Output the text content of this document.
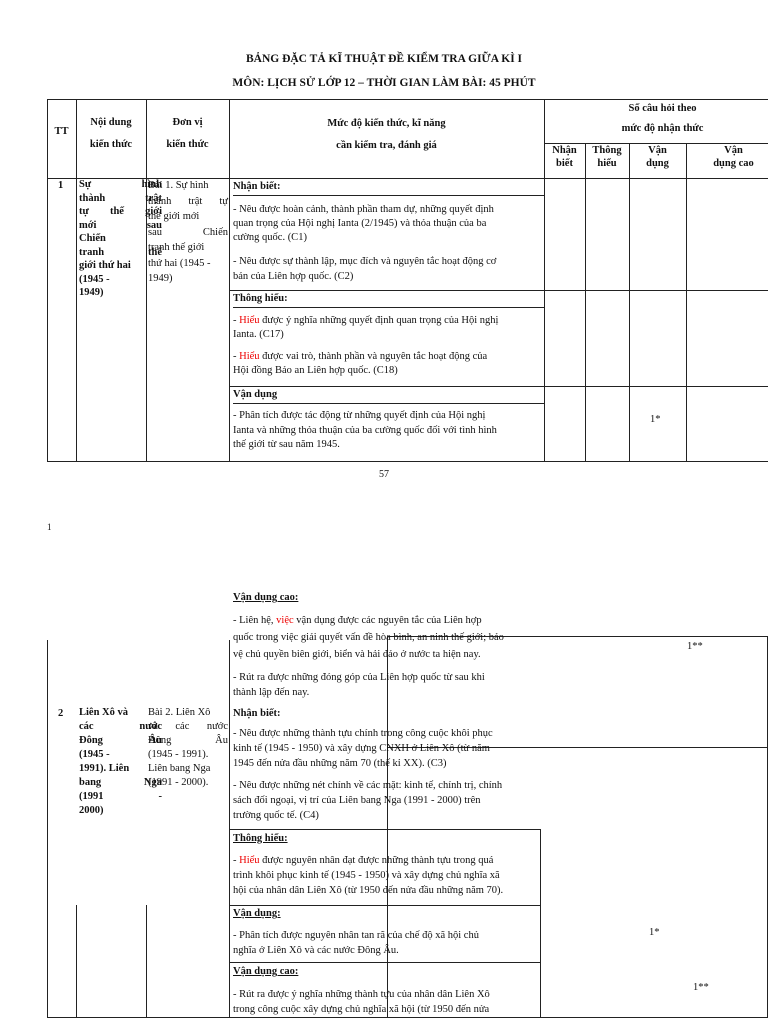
BẢNG ĐẶC TẢ KĨ THUẬT ĐỀ KIỂM TRA GIỮA KÌ I
MÔN: LỊCH SỬ LỚP 12 – THỜI GIAN LÀM BÀI: 45 PHÚT
TT
Nội dung
kiến thức
Đơn vị
kiến thức
Mức độ kiến thức, kĩ năng
cần kiểm tra, đánh giá
Số câu hỏi theo
mức độ nhận thức
Nhận
biết
Thông
hiểu
Vận
dụng
Vận
dụng cao
1 Sự hình
thành trật
tự thế giới
mới sau
Chiến
tranh thế
giới thứ hai
(1945 -
1949)
Bài 1. Sự hình
thành trật tự
thế giới mới
sau Chiến
tranh thế giới
thứ hai (1945 -
1949)
Nhận biết:
- Nêu được hoàn cảnh, thành phần tham dự, những quyết định
quan trọng của Hội nghị Ianta (2/1945) và thỏa thuận của ba
cường quốc. (C1)
- Nêu được sự thành lập, mục đích và nguyên tắc hoạt động cơ
bản của Liên hợp quốc. (C2)
Thông hiểu:
- Hiểu được ý nghĩa những quyết định quan trọng của Hội nghị
Ianta. (C17)
- Hiểu được vai trò, thành phần và nguyên tắc hoạt động của
Hội đồng Bảo an Liên hợp quốc. (C18)
Vận dụng
- Phân tích được tác động từ những quyết định của Hội nghị
Ianta và những thỏa thuận của ba cường quốc đối với tình hình
thế giới từ sau năm 1945.
1*
57
1
Vận dụng cao:
- Liên hệ, việc vận dụng được các nguyên tắc của Liên hợp
quốc trong việc giải quyết vấn đề hòa bình, an ninh thế giới; bảo
vệ chủ quyền biên giới, biển và hải đảo ở nước ta hiện nay.
1**
- Rút ra được những đóng góp của Liên hợp quốc từ sau khi
thành lập đến nay.
2 Liên Xô và
các nước
Đông Âu
(1945 -
1991). Liên
bang Nga
(1991 -
2000)
Bài 2. Liên Xô
và các nước
Đông Âu
(1945 - 1991).
Liên bang Nga
(1991 - 2000).
Nhận biết:
- Nêu được những thành tựu chính trong công cuộc khôi phục
kinh tế (1945 - 1950) và xây dựng CNXH ở Liên Xô (từ năm
1945 đến nửa đầu những năm 70 (thế kỉ XX). (C3)
- Nêu được những nét chính về các mặt: kinh tế, chính trị, chính
sách đối ngoại, vị trí của Liên bang Nga (1991 - 2000) trên
trường quốc tế. (C4)
Thông hiểu:
- Hiểu được nguyên nhân đạt được những thành tựu trong quá
trình khôi phục kinh tế (1945 - 1950) và xây dựng chủ nghĩa xã
hội của nhân dân Liên Xô (từ 1950 đến nửa đầu những năm 70).
Vận dụng:
- Phân tích được nguyên nhân tan rã của chế độ xã hội chủ
nghĩa ở Liên Xô và các nước Đông Âu.
1*
Vận dụng cao:
- Rút ra được ý nghĩa những thành tựu của nhân dân Liên Xô
trong công cuộc xây dựng chủ nghĩa xã hội (từ 1950 đến nửa
1**
